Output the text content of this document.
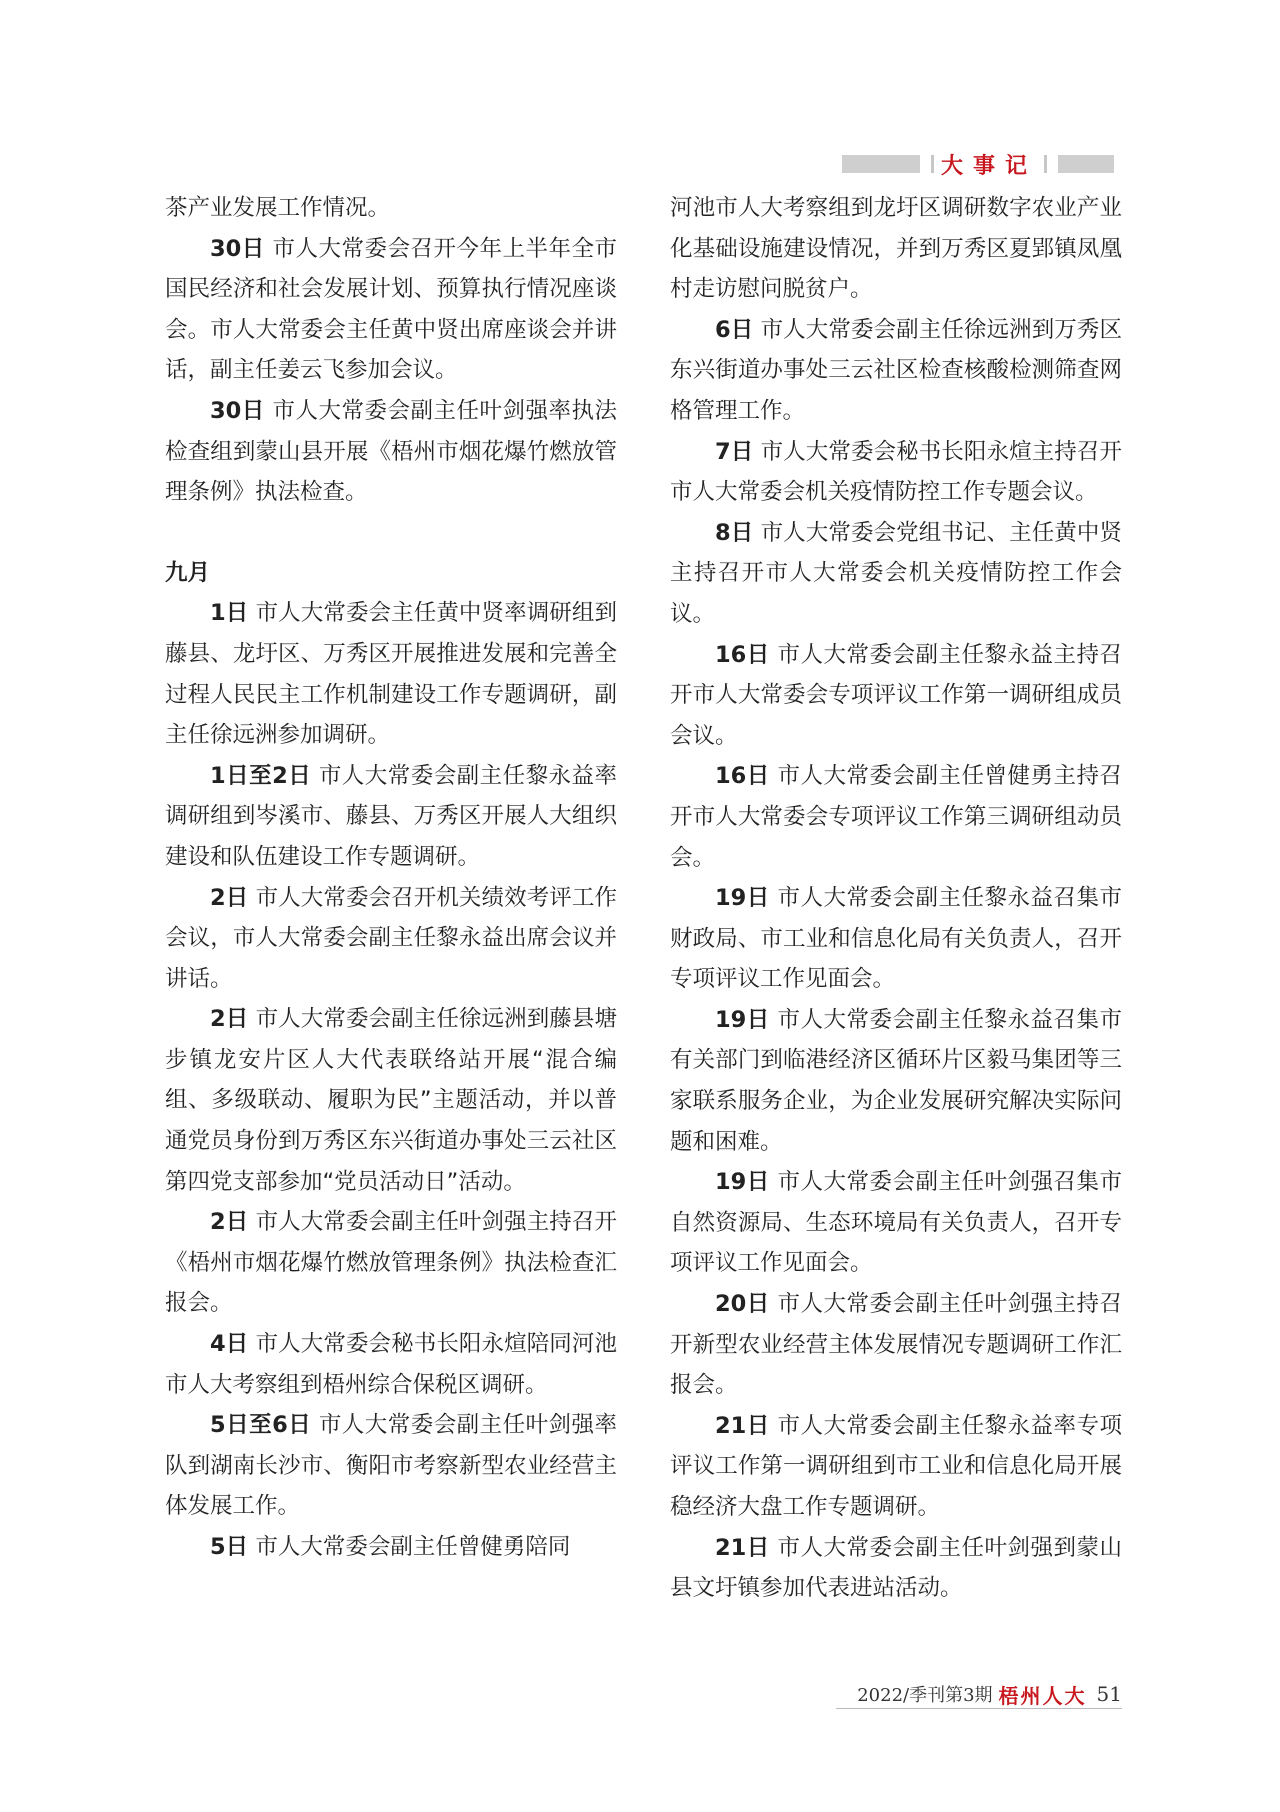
大事记

茶产业发展工作情况。

30日 市人大常委会召开今年上半年全市国民经济和社会发展计划、预算执行情况座谈会。市人大常委会主任黄中贤出席座谈会并讲话，副主任姜云飞参加会议。

30日 市人大常委会副主任叶剑强率执法检查组到蒙山县开展《梧州市烟花爆竹燃放管理条例》执法检查。

九月

1日 市人大常委会主任黄中贤率调研组到藤县、龙圩区、万秀区开展推进发展和完善全过程人民民主工作机制建设工作专题调研，副主任徐远洲参加调研。

1日至2日 市人大常委会副主任黎永益率调研组到岑溪市、藤县、万秀区开展人大组织建设和队伍建设工作专题调研。

2日 市人大常委会召开机关绩效考评工作会议，市人大常委会副主任黎永益出席会议并讲话。

2日 市人大常委会副主任徐远洲到藤县塘步镇龙安片区人大代表联络站开展“混合编组、多级联动、履职为民”主题活动，并以普通党员身份到万秀区东兴街道办事处三云社区第四党支部参加“党员活动日”活动。

2日 市人大常委会副主任叶剑强主持召开《梧州市烟花爆竹燃放管理条例》执法检查汇报会。

4日 市人大常委会秘书长阳永煊陪同河池市人大考察组到梧州综合保税区调研。

5日至6日 市人大常委会副主任叶剑强率队到湖南长沙市、衡阳市考察新型农业经营主体发展工作。

5日 市人大常委会副主任曾健勇陪同

河池市人大考察组到龙圩区调研数字农业产业化基础设施建设情况，并到万秀区夏郢镇凤凰村走访慰问脱贫户。

6日 市人大常委会副主任徐远洲到万秀区东兴街道办事处三云社区检查核酸检测筛查网格管理工作。

7日 市人大常委会秘书长阳永煊主持召开市人大常委会机关疫情防控工作专题会议。

8日 市人大常委会党组书记、主任黄中贤主持召开市人大常委会机关疫情防控工作会议。

16日 市人大常委会副主任黎永益主持召开市人大常委会专项评议工作第一调研组成员会议。

16日 市人大常委会副主任曾健勇主持召开市人大常委会专项评议工作第三调研组动员会。

19日 市人大常委会副主任黎永益召集市财政局、市工业和信息化局有关负责人，召开专项评议工作见面会。

19日 市人大常委会副主任黎永益召集市有关部门到临港经济区循环片区毅马集团等三家联系服务企业，为企业发展研究解决实际问题和困难。

19日 市人大常委会副主任叶剑强召集市自然资源局、生态环境局有关负责人，召开专项评议工作见面会。

20日 市人大常委会副主任叶剑强主持召开新型农业经营主体发展情况专题调研工作汇报会。

21日 市人大常委会副主任黎永益率专项评议工作第一调研组到市工业和信息化局开展稳经济大盘工作专题调研。

21日 市人大常委会副主任叶剑强到蒙山县文圩镇参加代表进站活动。

2022/季刊第3期 梧州人大 51
